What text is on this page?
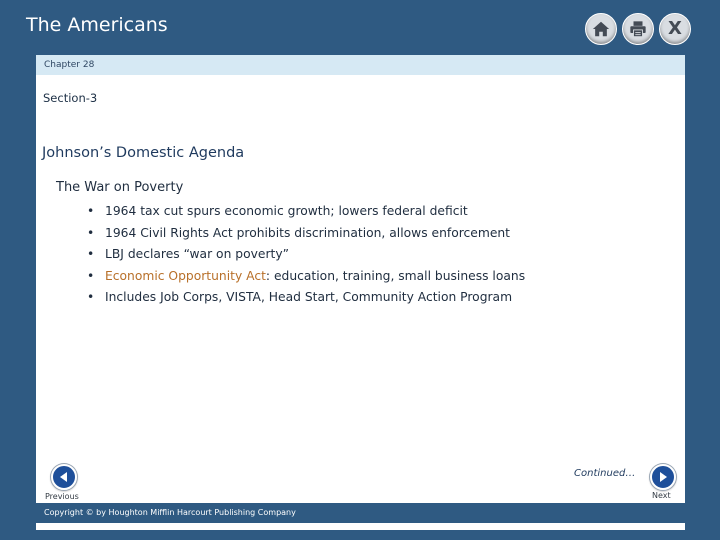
The Americans	X
Chapter 28
Section-3
Johnson’s Domestic Agenda
The War on Poverty
• 1964 tax cut spurs economic growth; lowers federal deficit
• 1964 Civil Rights Act prohibits discrimination, allows enforcement
• LBJ declares “war on poverty”
• Economic Opportunity Act: education, training, small business loans
• Includes Job Corps, VISTA, Head Start, Community Action Program
Continued…
Previous	Next
Copyright © by Houghton Mifflin Harcourt Publishing Company
